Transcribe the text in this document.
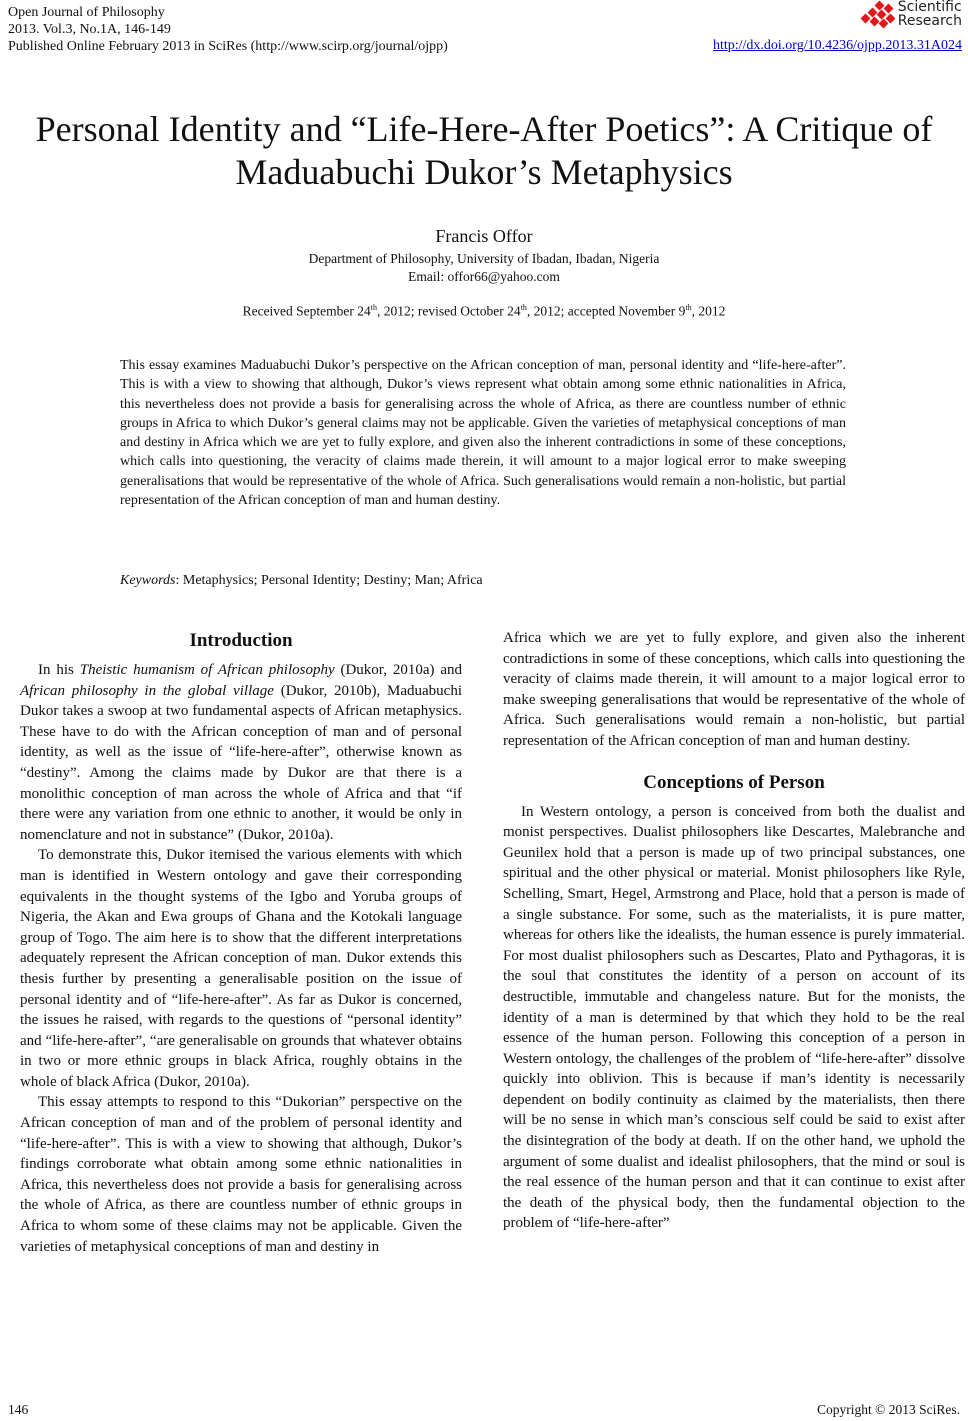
Open Journal of Philosophy
2013. Vol.3, No.1A, 146-149
Published Online February 2013 in SciRes (http://www.scirp.org/journal/ojpp)
Scientific
Research
http://dx.doi.org/10.4236/ojpp.2013.31A024
Personal Identity and “Life-Here-After Poetics”: A Critique of
Maduabuchi Dukor’s Metaphysics
Francis Offor
Department of Philosophy, University of Ibadan, Ibadan, Nigeria
Email: offor66@yahoo.com
Received September 24th, 2012; revised October 24th, 2012; accepted November 9th, 2012
This essay examines Maduabuchi Dukor’s perspective on the African conception of man, personal identity and “life-here-after”. This is with a view to showing that although, Dukor’s views represent what obtain among some ethnic nationalities in Africa, this nevertheless does not provide a basis for generalising across the whole of Africa, as there are countless number of ethnic groups in Africa to which Dukor’s general claims may not be applicable. Given the varieties of metaphysical conceptions of man and destiny in Africa which we are yet to fully explore, and given also the inherent contradictions in some of these conceptions, which calls into questioning, the veracity of claims made therein, it will amount to a major logical error to make sweeping generalisations that would be representative of the whole of Africa. Such generalisations would remain a non-holistic, but partial representation of the African conception of man and human destiny.
Keywords: Metaphysics; Personal Identity; Destiny; Man; Africa
Introduction

In his Theistic humanism of African philosophy (Dukor, 2010a) and African philosophy in the global village (Dukor, 2010b), Maduabuchi Dukor takes a swoop at two fundamental aspects of African metaphysics. These have to do with the African conception of man and of personal identity, as well as the issue of “life-here-after”, otherwise known as “destiny”. Among the claims made by Dukor are that there is a monolithic conception of man across the whole of Africa and that “if there were any variation from one ethnic to another, it would be only in nomenclature and not in substance” (Dukor, 2010a).

To demonstrate this, Dukor itemised the various elements with which man is identified in Western ontology and gave their corresponding equivalents in the thought systems of the Igbo and Yoruba groups of Nigeria, the Akan and Ewa groups of Ghana and the Kotokali language group of Togo. The aim here is to show that the different interpretations adequately represent the African conception of man. Dukor extends this thesis further by presenting a generalisable position on the issue of personal identity and of “life-here-after”. As far as Dukor is concerned, the issues he raised, with regards to the questions of “personal identity” and “life-here-after”, “are generalisable on grounds that whatever obtains in two or more ethnic groups in black Africa, roughly obtains in the whole of black Africa (Dukor, 2010a).

This essay attempts to respond to this “Dukorian” perspective on the African conception of man and of the problem of personal identity and “life-here-after”. This is with a view to showing that although, Dukor’s findings corroborate what obtain among some ethnic nationalities in Africa, this nevertheless does not provide a basis for generalising across the whole of Africa, as there are countless number of ethnic groups in Africa to whom some of these claims may not be applicable. Given the varieties of metaphysical conceptions of man and destiny in

Africa which we are yet to fully explore, and given also the inherent contradictions in some of these conceptions, which calls into questioning the veracity of claims made therein, it will amount to a major logical error to make sweeping generalisations that would be representative of the whole of Africa. Such generalisations would remain a non-holistic, but partial representation of the African conception of man and human destiny.

Conceptions of Person

In Western ontology, a person is conceived from both the dualist and monist perspectives. Dualist philosophers like Descartes, Malebranche and Geunilex hold that a person is made up of two principal substances, one spiritual and the other physical or material. Monist philosophers like Ryle, Schelling, Smart, Hegel, Armstrong and Place, hold that a person is made of a single substance. For some, such as the materialists, it is pure matter, whereas for others like the idealists, the human essence is purely immaterial. For most dualist philosophers such as Descartes, Plato and Pythagoras, it is the soul that constitutes the identity of a person on account of its destructible, immutable and changeless nature. But for the monists, the identity of a man is determined by that which they hold to be the real essence of the human person. Following this conception of a person in Western ontology, the challenges of the problem of “life-here-after” dissolve quickly into oblivion. This is because if man’s identity is necessarily dependent on bodily continuity as claimed by the materialists, then there will be no sense in which man’s conscious self could be said to exist after the disintegration of the body at death. If on the other hand, we uphold the argument of some dualist and idealist philosophers, that the mind or soul is the real essence of the human person and that it can continue to exist after the death of the physical body, then the fundamental objection to the problem of “life-here-after”

146	Copyright © 2013 SciRes.
